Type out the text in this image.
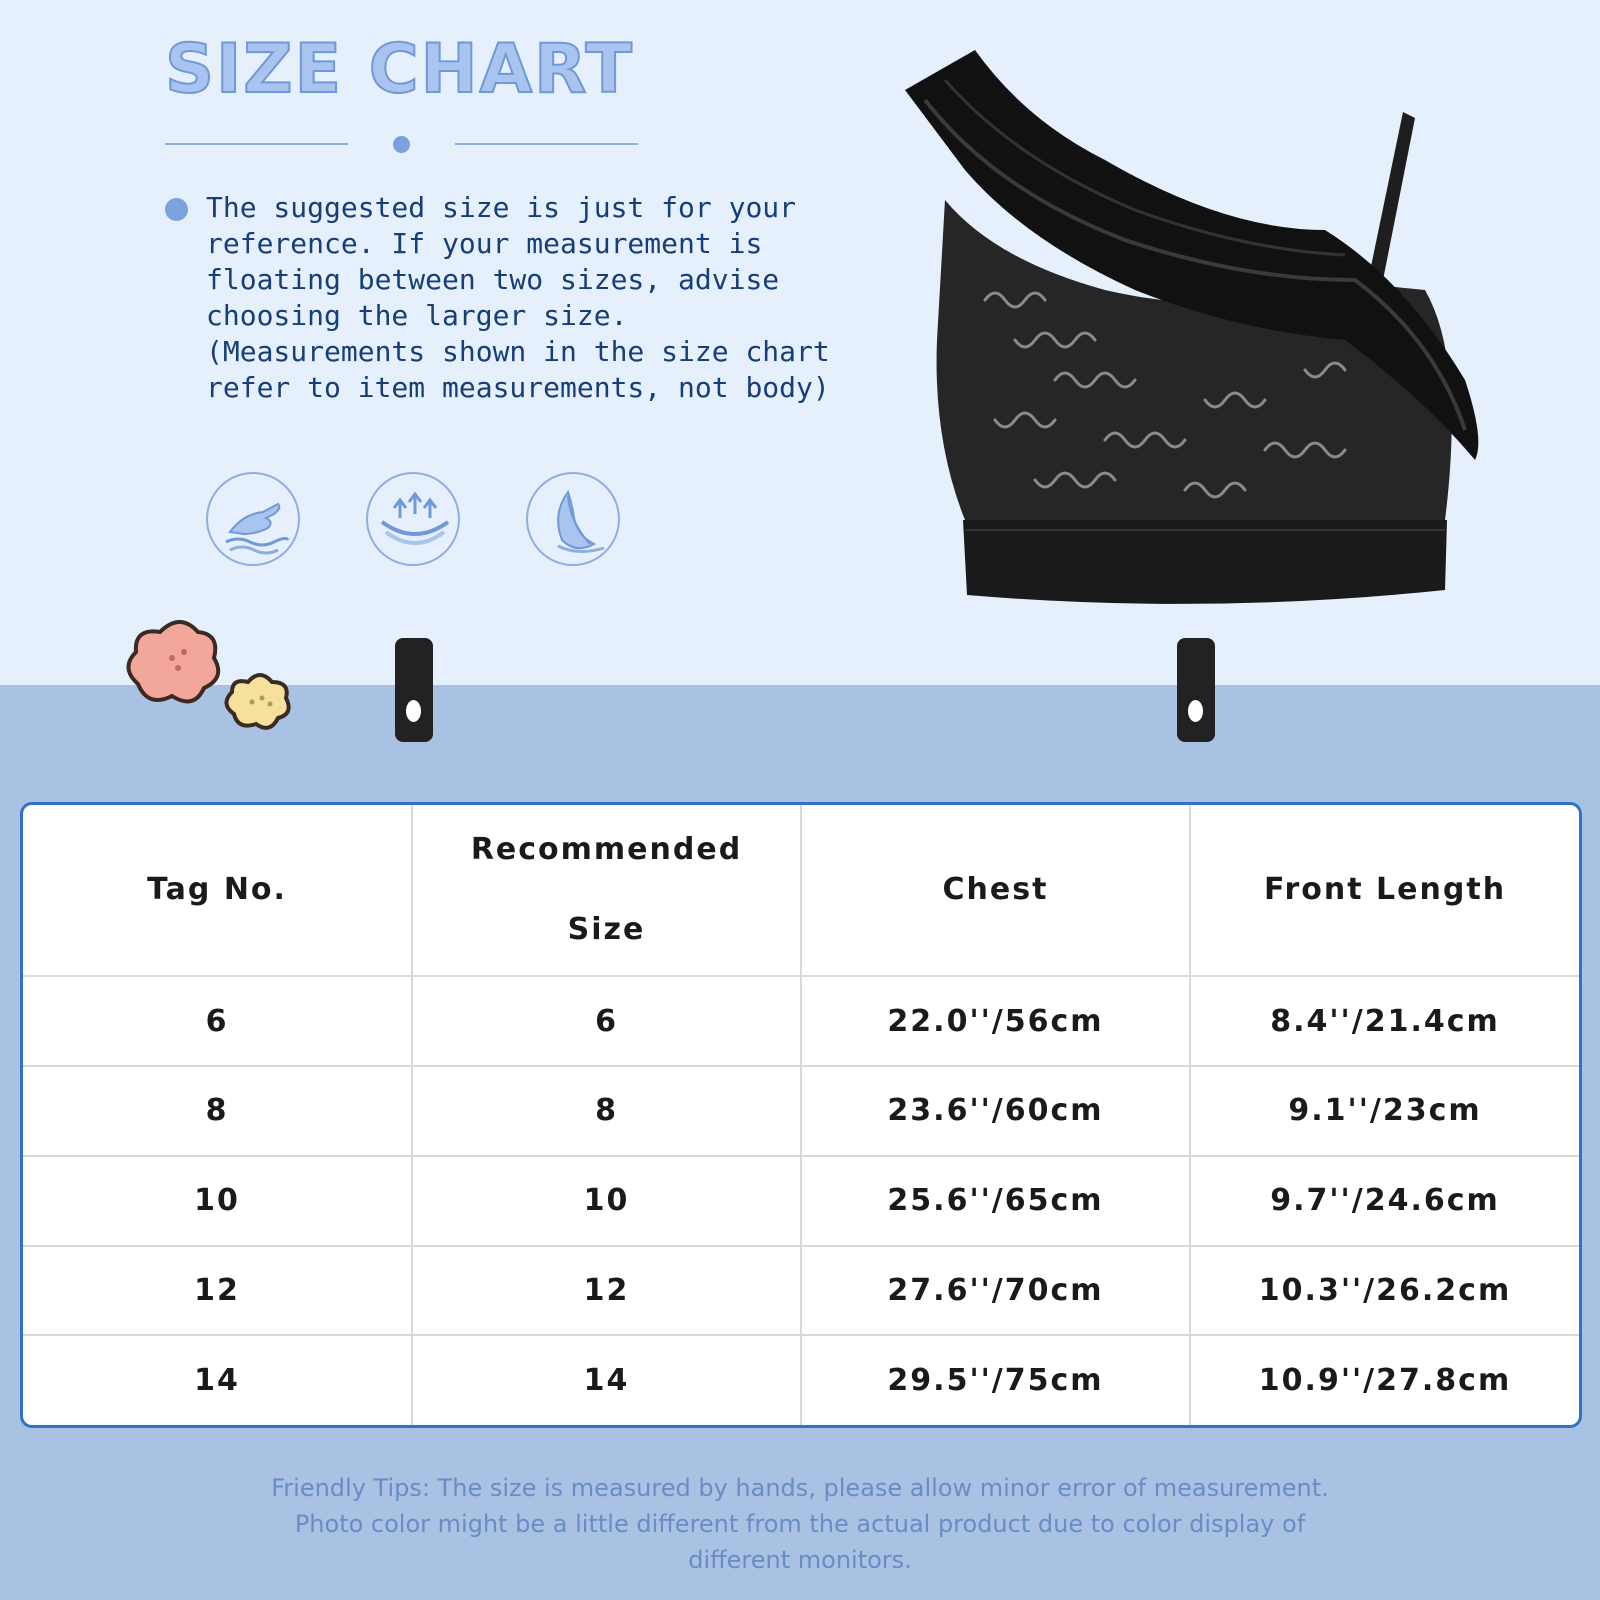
SIZE CHART
The suggested size is just for your reference. If your measurement is floating between two sizes, advise choosing the larger size.
(Measurements shown in the size chart refer to item measurements, not body)
Tag No.	Recommended Size	Chest	Front Length
6	6	22.0''/56cm	8.4''/21.4cm
8	8	23.6''/60cm	9.1''/23cm
10	10	25.6''/65cm	9.7''/24.6cm
12	12	27.6''/70cm	10.3''/26.2cm
14	14	29.5''/75cm	10.9''/27.8cm
Friendly Tips: The size is measured by hands, please allow minor error of measurement.
Photo color might be a little different from the actual product due to color display of
different monitors.
